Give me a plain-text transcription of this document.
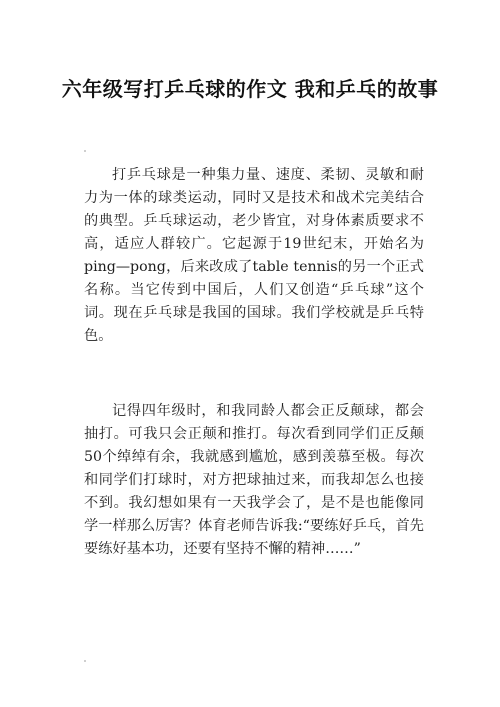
六年级写打乒乓球的作文 我和乒乓的故事

打乒乓球是一种集力量、速度、柔韧、灵敏和耐力为一体的球类运动，同时又是技术和战术完美结合的典型。乒乓球运动，老少皆宜，对身体素质要求不高，适应人群较广。它起源于19世纪末，开始名为ping—pong，后来改成了table tennis的另一个正式名称。当它传到中国后，人们又创造“乒乓球”这个词。现在乒乓球是我国的国球。我们学校就是乒乓特色。

记得四年级时，和我同龄人都会正反颠球，都会抽打。可我只会正颠和推打。每次看到同学们正反颠50个绰绰有余，我就感到尴尬，感到羡慕至极。每次和同学们打球时，对方把球抽过来，而我却怎么也接不到。我幻想如果有一天我学会了，是不是也能像同学一样那么厉害？体育老师告诉我:“要练好乒乓，首先要练好基本功，还要有坚持不懈的精神……”
